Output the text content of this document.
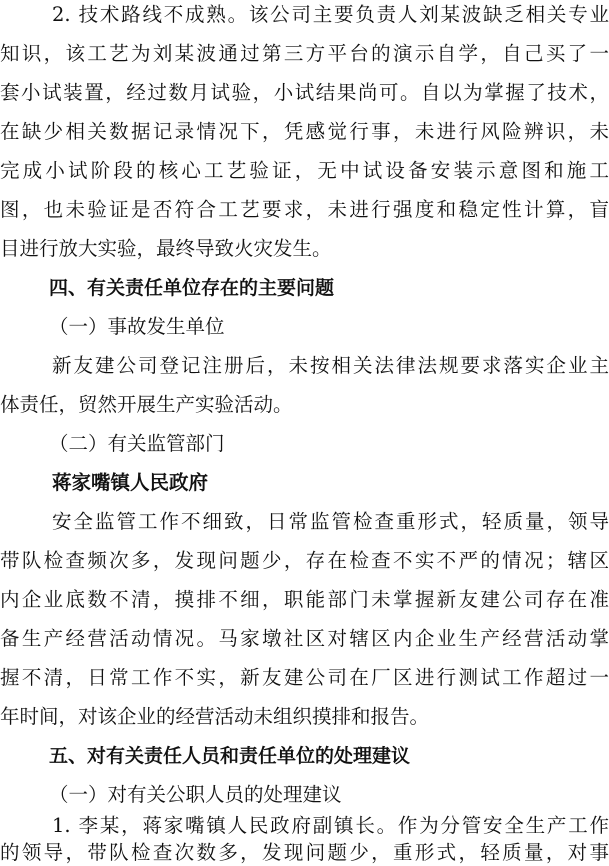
2. 技术路线不成熟。该公司主要负责人刘某波缺乏相关专业
知识，该工艺为刘某波通过第三方平台的演示自学，自己买了一
套小试装置，经过数月试验，小试结果尚可。自以为掌握了技术，
在缺少相关数据记录情况下，凭感觉行事，未进行风险辨识，未
完成小试阶段的核心工艺验证，无中试设备安装示意图和施工
图，也未验证是否符合工艺要求，未进行强度和稳定性计算，盲
目进行放大实验，最终导致火灾发生。
四、有关责任单位存在的主要问题
（一）事故发生单位
新友建公司登记注册后，未按相关法律法规要求落实企业主
体责任，贸然开展生产实验活动。
（二）有关监管部门
蒋家嘴镇人民政府
安全监管工作不细致，日常监管检查重形式，轻质量，领导
带队检查频次多，发现问题少，存在检查不实不严的情况；辖区
内企业底数不清，摸排不细，职能部门未掌握新友建公司存在准
备生产经营活动情况。马家墩社区对辖区内企业生产经营活动掌
握不清，日常工作不实，新友建公司在厂区进行测试工作超过一
年时间，对该企业的经营活动未组织摸排和报告。
五、对有关责任人员和责任单位的处理建议
（一）对有关公职人员的处理建议
1. 李某，蒋家嘴镇人民政府副镇长。作为分管安全生产工作
的领导，带队检查次数多，发现问题少，重形式，轻质量，对事
